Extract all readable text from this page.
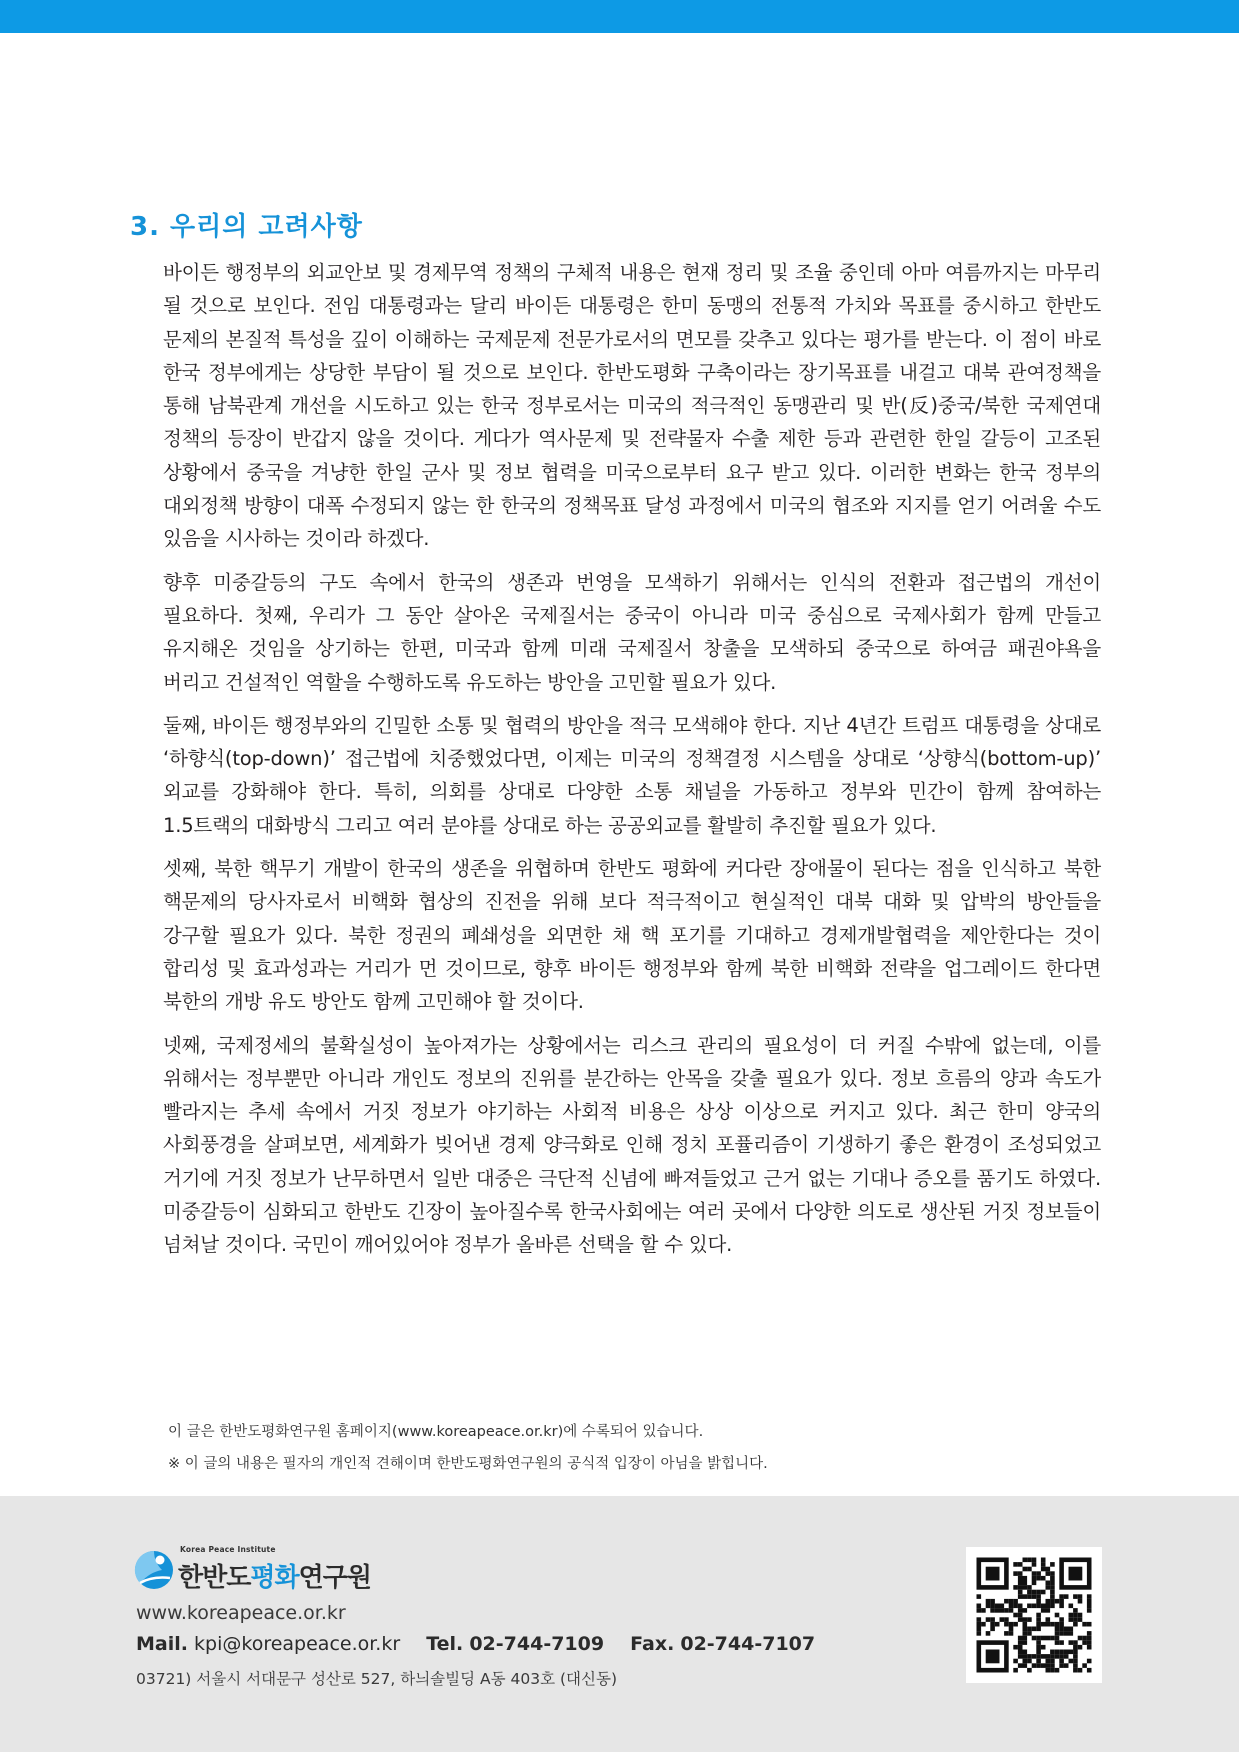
3. 우리의 고려사항

바이든 행정부의 외교안보 및 경제무역 정책의 구체적 내용은 현재 정리 및 조율 중인데 아마 여름까지는 마무리 될 것으로 보인다. 전임 대통령과는 달리 바이든 대통령은 한미 동맹의 전통적 가치와 목표를 중시하고 한반도 문제의 본질적 특성을 깊이 이해하는 국제문제 전문가로서의 면모를 갖추고 있다는 평가를 받는다. 이 점이 바로 한국 정부에게는 상당한 부담이 될 것으로 보인다. 한반도평화 구축이라는 장기목표를 내걸고 대북 관여정책을 통해 남북관계 개선을 시도하고 있는 한국 정부로서는 미국의 적극적인 동맹관리 및 반(反)중국/북한 국제연대 정책의 등장이 반갑지 않을 것이다. 게다가 역사문제 및 전략물자 수출 제한 등과 관련한 한일 갈등이 고조된 상황에서 중국을 겨냥한 한일 군사 및 정보 협력을 미국으로부터 요구 받고 있다. 이러한 변화는 한국 정부의 대외정책 방향이 대폭 수정되지 않는 한 한국의 정책목표 달성 과정에서 미국의 협조와 지지를 얻기 어려울 수도 있음을 시사하는 것이라 하겠다.

향후 미중갈등의 구도 속에서 한국의 생존과 번영을 모색하기 위해서는 인식의 전환과 접근법의 개선이 필요하다. 첫째, 우리가 그 동안 살아온 국제질서는 중국이 아니라 미국 중심으로 국제사회가 함께 만들고 유지해온 것임을 상기하는 한편, 미국과 함께 미래 국제질서 창출을 모색하되 중국으로 하여금 패권야욕을 버리고 건설적인 역할을 수행하도록 유도하는 방안을 고민할 필요가 있다.

둘째, 바이든 행정부와의 긴밀한 소통 및 협력의 방안을 적극 모색해야 한다. 지난 4년간 트럼프 대통령을 상대로 ‘하향식(top-down)’ 접근법에 치중했었다면, 이제는 미국의 정책결정 시스템을 상대로 ‘상향식(bottom-up)’ 외교를 강화해야 한다. 특히, 의회를 상대로 다양한 소통 채널을 가동하고 정부와 민간이 함께 참여하는 1.5트랙의 대화방식 그리고 여러 분야를 상대로 하는 공공외교를 활발히 추진할 필요가 있다.

셋째, 북한 핵무기 개발이 한국의 생존을 위협하며 한반도 평화에 커다란 장애물이 된다는 점을 인식하고 북한 핵문제의 당사자로서 비핵화 협상의 진전을 위해 보다 적극적이고 현실적인 대북 대화 및 압박의 방안들을 강구할 필요가 있다. 북한 정권의 폐쇄성을 외면한 채 핵 포기를 기대하고 경제개발협력을 제안한다는 것이 합리성 및 효과성과는 거리가 먼 것이므로, 향후 바이든 행정부와 함께 북한 비핵화 전략을 업그레이드 한다면 북한의 개방 유도 방안도 함께 고민해야 할 것이다.

넷째, 국제정세의 불확실성이 높아져가는 상황에서는 리스크 관리의 필요성이 더 커질 수밖에 없는데, 이를 위해서는 정부뿐만 아니라 개인도 정보의 진위를 분간하는 안목을 갖출 필요가 있다. 정보 흐름의 양과 속도가 빨라지는 추세 속에서 거짓 정보가 야기하는 사회적 비용은 상상 이상으로 커지고 있다. 최근 한미 양국의 사회풍경을 살펴보면, 세계화가 빚어낸 경제 양극화로 인해 정치 포퓰리즘이 기생하기 좋은 환경이 조성되었고 거기에 거짓 정보가 난무하면서 일반 대중은 극단적 신념에 빠져들었고 근거 없는 기대나 증오를 품기도 하였다. 미중갈등이 심화되고 한반도 긴장이 높아질수록 한국사회에는 여러 곳에서 다양한 의도로 생산된 거짓 정보들이 넘쳐날 것이다. 국민이 깨어있어야 정부가 올바른 선택을 할 수 있다.

이 글은 한반도평화연구원 홈페이지(www.koreapeace.or.kr)에 수록되어 있습니다.

※ 이 글의 내용은 필자의 개인적 견해이며 한반도평화연구원의 공식적 입장이 아님을 밝힙니다.

Korea Peace Institute
한반도평화연구원

www.koreapeace.or.kr

Mail. kpi@koreapeace.or.kr Tel. 02-744-7109 Fax. 02-744-7107

03721) 서울시 서대문구 성산로 527, 하늬솔빌딩 A동 403호 (대신동)
